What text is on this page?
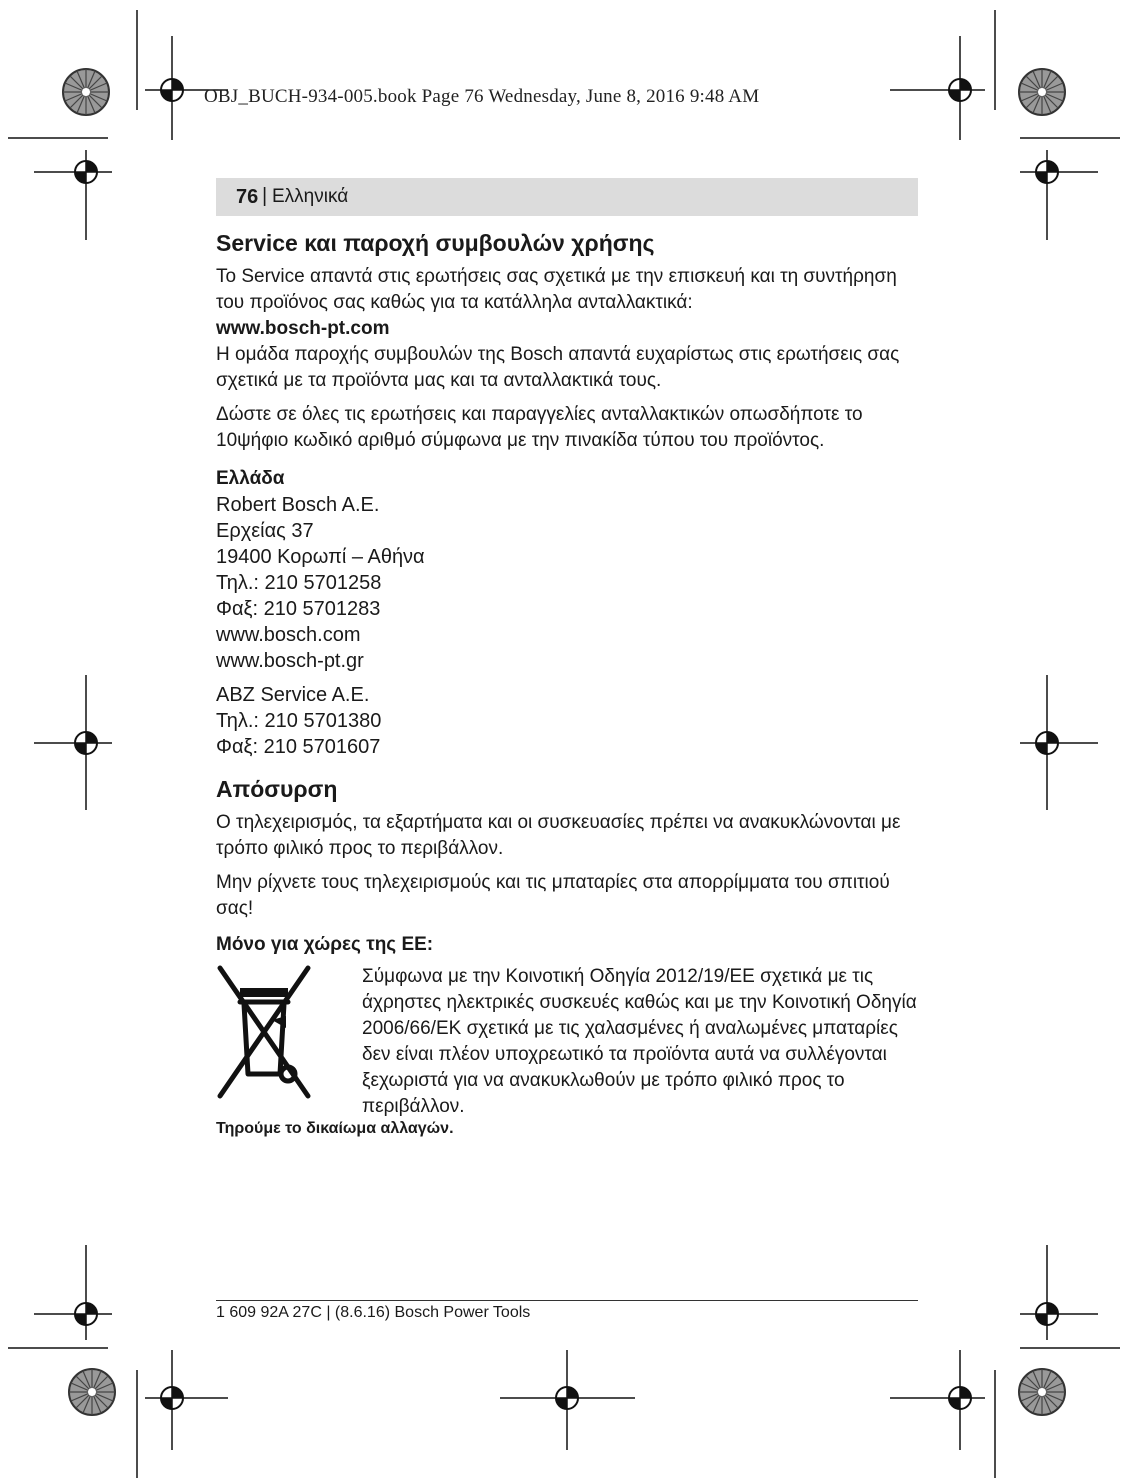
OBJ_BUCH-934-005.book Page 76 Wednesday, June 8, 2016 9:48 AM
76 | Ελληνικά
Service και παροχή συμβουλών χρήσης

Το Service απαντά στις ερωτήσεις σας σχετικά με την επισκευή και τη συντήρηση του προϊόνος σας καθώς για τα κατάλληλα ανταλλακτικά:

www.bosch-pt.com

Η ομάδα παροχής συμβουλών της Bosch απαντά ευχαρίστως στις ερωτήσεις σας σχετικά με τα προϊόντα μας και τα ανταλλακτικά τους.

Δώστε σε όλες τις ερωτήσεις και παραγγελίες ανταλλακτικών οπωσδήποτε το 10ψήφιο κωδικό αριθμό σύμφωνα με την πινακίδα τύπου του προϊόντος.

Ελλάδα

Robert Bosch A.E.

Ερχείας 37

19400 Κορωπί – Αθήνα

Τηλ.: 210 5701258

Φαξ: 210 5701283

www.bosch.com

www.bosch-pt.gr

ABZ Service A.E.

Τηλ.: 210 5701380

Φαξ: 210 5701607

Απόσυρση

Ο τηλεχειρισμός, τα εξαρτήματα και οι συσκευασίες πρέπει να ανακυκλώνονται με τρόπο φιλικό προς το περιβάλλον.

Μην ρίχνετε τους τηλεχειρισμούς και τις μπαταρίες στα απορρίμματα του σπιτιού σας!

Μόνο για χώρες της ΕΕ:

Σύμφωνα με την Κοινοτική Οδηγία 2012/19/ΕΕ σχετικά με τις άχρηστες ηλεκτρικές συσκευές καθώς και με την Κοινοτική Οδηγία 2006/66/ΕΚ σχετικά με τις χαλασμένες ή αναλωμένες μπαταρίες δεν είναι πλέον υποχρεωτικό τα προϊόντα αυτά να συλλέγονται ξεχωριστά για να ανακυκλωθούν με τρόπο φιλικό προς το περιβάλλον.

Τηρούμε το δικαίωμα αλλαγών.
1 609 92A 27C | (8.6.16) Bosch Power Tools
